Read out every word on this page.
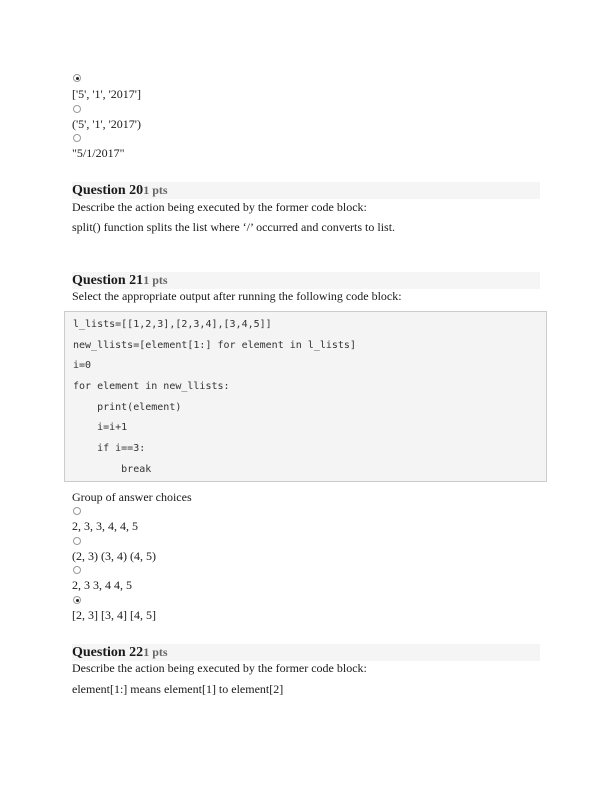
['5', '1', '2017']
('5', '1', '2017')
"5/1/2017"
Question 201 pts
Describe the action being executed by the former code block:
split() function splits the list where ‘/’ occurred and converts to list.
Question 211 pts
Select the appropriate output after running the following code block:
l_lists=[[1,2,3],[2,3,4],[3,4,5]]
new_llists=[element[1:] for element in l_lists]
i=0
for element in new_llists:
print(element)
i=i+1
if i==3:
break
Group of answer choices
2, 3, 3, 4, 4, 5
(2, 3) (3, 4) (4, 5)
2, 3 3, 4 4, 5
[2, 3] [3, 4] [4, 5]
Question 221 pts
Describe the action being executed by the former code block:
element[1:] means element[1] to element[2]
